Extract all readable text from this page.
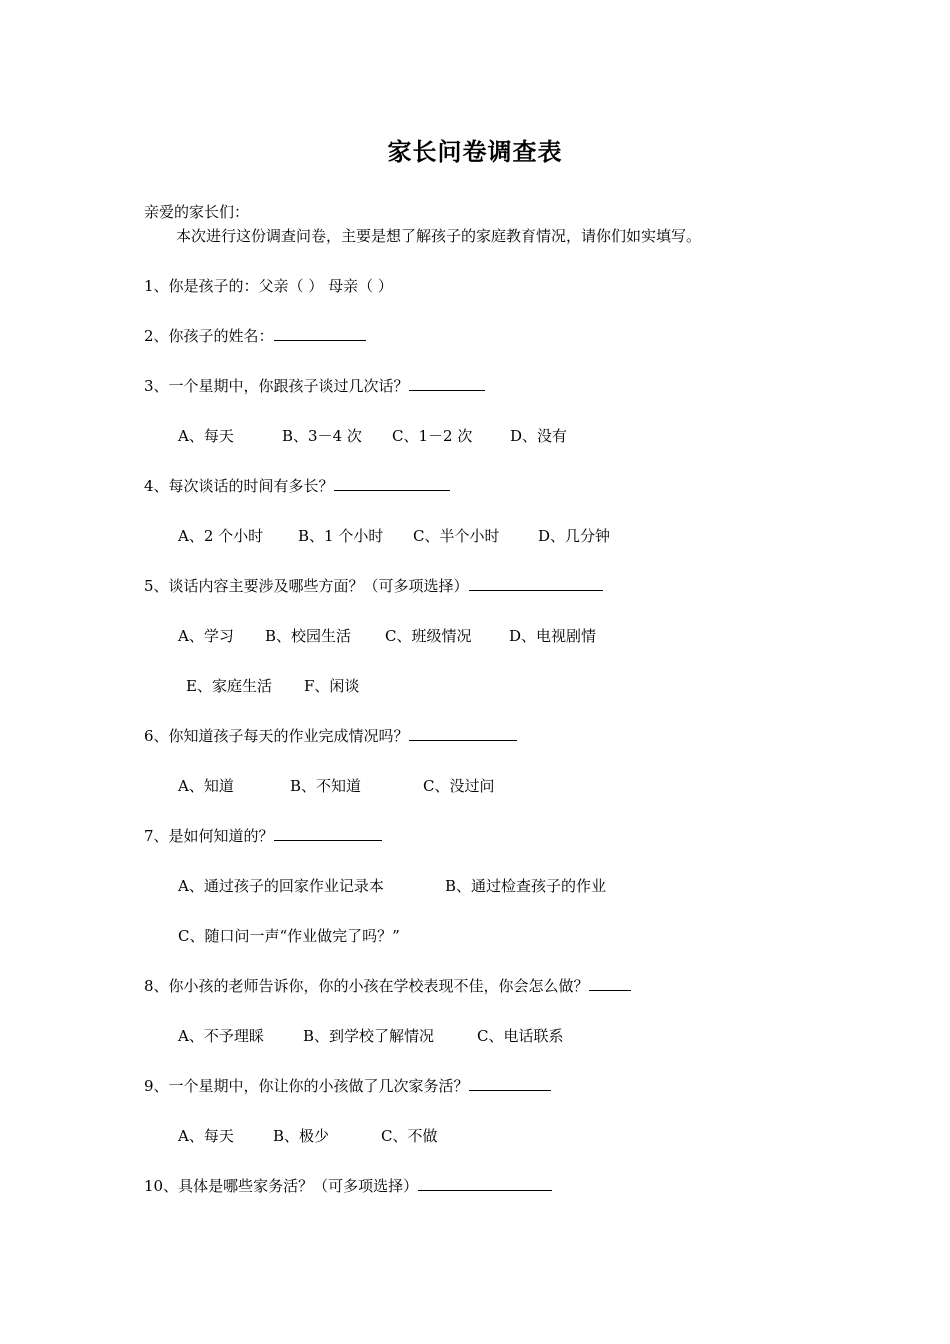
家长问卷调查表
亲爱的家长们：
本次进行这份调查问卷，主要是想了解孩子的家庭教育情况，请你们如实填写。
1、你是孩子的：父亲（ ） 母亲（ ）
2、你孩子的姓名：
3、一个星期中，你跟孩子谈过几次话？
A、每天	B、3－4 次 C、1－2 次	D、没有
4、每次谈话的时间有多长？
A、2 个小时 B、1 个小时 C、半个小时	D、几分钟
5、谈话内容主要涉及哪些方面？（可多项选择）
A、学习 B、校园生活 C、班级情况	D、电视剧情
E、家庭生活 F、闲谈
6、你知道孩子每天的作业完成情况吗？
A、知道	B、不知道	C、没过问
7、是如何知道的？
A、通过孩子的回家作业记录本	B、通过检查孩子的作业
C、随口问一声“作业做完了吗？”
8、你小孩的老师告诉你，你的小孩在学校表现不佳，你会怎么做？
A、不予理睬	B、到学校了解情况	C、电话联系
9、一个星期中，你让你的小孩做了几次家务活？
A、每天	B、极少	C、不做
10、具体是哪些家务活？（可多项选择）
